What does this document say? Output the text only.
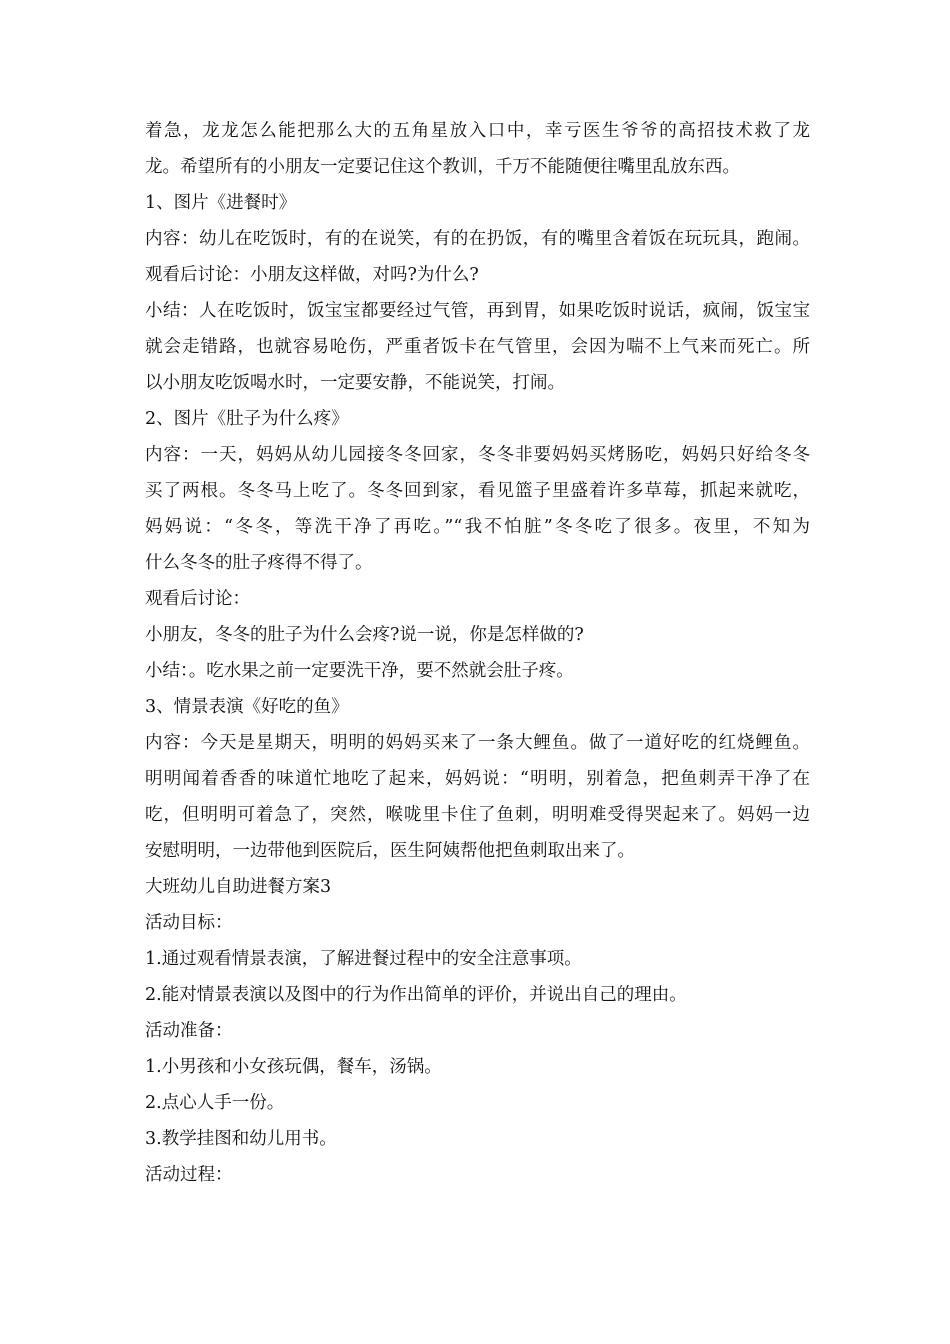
着急，龙龙怎么能把那么大的五角星放入口中，幸亏医生爷爷的高招技术救了龙
龙。希望所有的小朋友一定要记住这个教训，千万不能随便往嘴里乱放东西。
1、图片《进餐时》
内容：幼儿在吃饭时，有的在说笑，有的在扔饭，有的嘴里含着饭在玩玩具，跑闹。
观看后讨论：小朋友这样做，对吗?为什么?
小结：人在吃饭时，饭宝宝都要经过气管，再到胃，如果吃饭时说话，疯闹，饭宝宝
就会走错路，也就容易呛伤，严重者饭卡在气管里，会因为喘不上气来而死亡。所
以小朋友吃饭喝水时，一定要安静，不能说笑，打闹。
2、图片《肚子为什么疼》
内容：一天，妈妈从幼儿园接冬冬回家，冬冬非要妈妈买烤肠吃，妈妈只好给冬冬
买了两根。冬冬马上吃了。冬冬回到家，看见篮子里盛着许多草莓，抓起来就吃，
妈妈说：“冬冬，等洗干净了再吃。”“我不怕脏”冬冬吃了很多。夜里，不知为
什么冬冬的肚子疼得不得了。
观看后讨论：
小朋友，冬冬的肚子为什么会疼?说一说，你是怎样做的?
小结：。吃水果之前一定要洗干净，要不然就会肚子疼。
3、情景表演《好吃的鱼》
内容：今天是星期天，明明的妈妈买来了一条大鲤鱼。做了一道好吃的红烧鲤鱼。
明明闻着香香的味道忙地吃了起来，妈妈说：“明明，别着急，把鱼刺弄干净了在
吃，但明明可着急了，突然，喉咙里卡住了鱼刺，明明难受得哭起来了。妈妈一边
安慰明明，一边带他到医院后，医生阿姨帮他把鱼刺取出来了。
大班幼儿自助进餐方案3
活动目标：
1.通过观看情景表演，了解进餐过程中的安全注意事项。
2.能对情景表演以及图中的行为作出简单的评价，并说出自己的理由。
活动准备：
1.小男孩和小女孩玩偶，餐车，汤锅。
2.点心人手一份。
3.教学挂图和幼儿用书。
活动过程：
